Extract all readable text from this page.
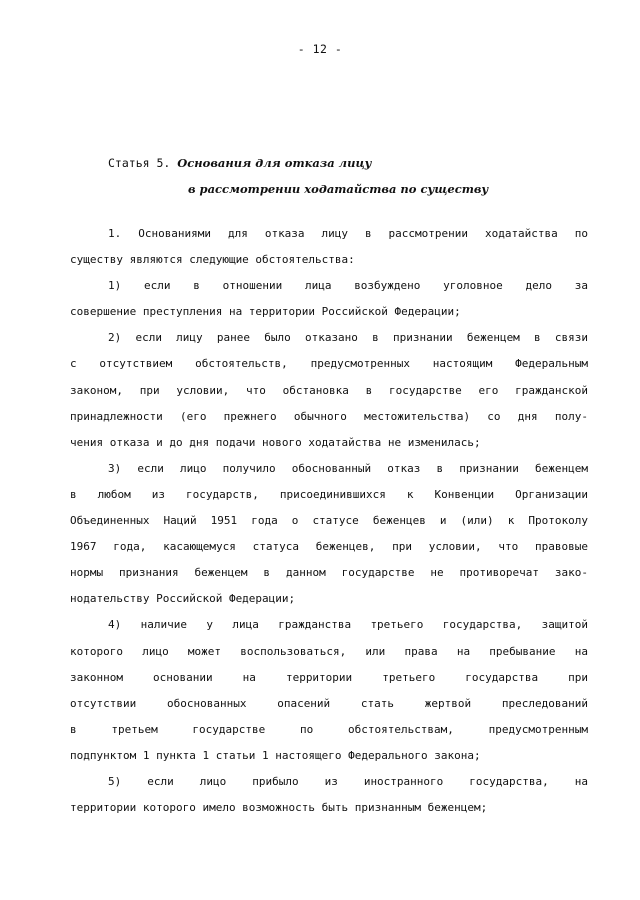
- 12 -
Статья 5. Основания для отказа лицу
в рассмотрении ходатайства по существу
1. Основаниями для отказа лицу в рассмотрении ходатайства по
существу являются следующие обстоятельства:
1) если в отношении лица возбуждено уголовное дело за
совершение преступления на территории Российской Федерации;
2) если лицу ранее было отказано в признании беженцем в связи
с отсутствием обстоятельств, предусмотренных настоящим Федеральным
законом, при условии, что обстановка в государстве его гражданской
принадлежности (его прежнего обычного местожительства) со дня полу-
чения отказа и до дня подачи нового ходатайства не изменилась;
3) если лицо получило обоснованный отказ в признании беженцем
в любом из государств, присоединившихся к Конвенции Организации
Объединенных Наций 1951 года о статусе беженцев и (или) к Протоколу
1967 года, касающемуся статуса беженцев, при условии, что правовые
нормы признания беженцем в данном государстве не противоречат зако-
нодательству Российской Федерации;
4) наличие у лица гражданства третьего государства, защитой
которого лицо может воспользоваться, или права на пребывание на
законном основании на территории третьего государства при
отсутствии обоснованных опасений стать жертвой преследований
в третьем государстве по обстоятельствам, предусмотренным
подпунктом 1 пункта 1 статьи 1 настоящего Федерального закона;
5) если лицо прибыло из иностранного государства, на
территории которого имело возможность быть признанным беженцем;
